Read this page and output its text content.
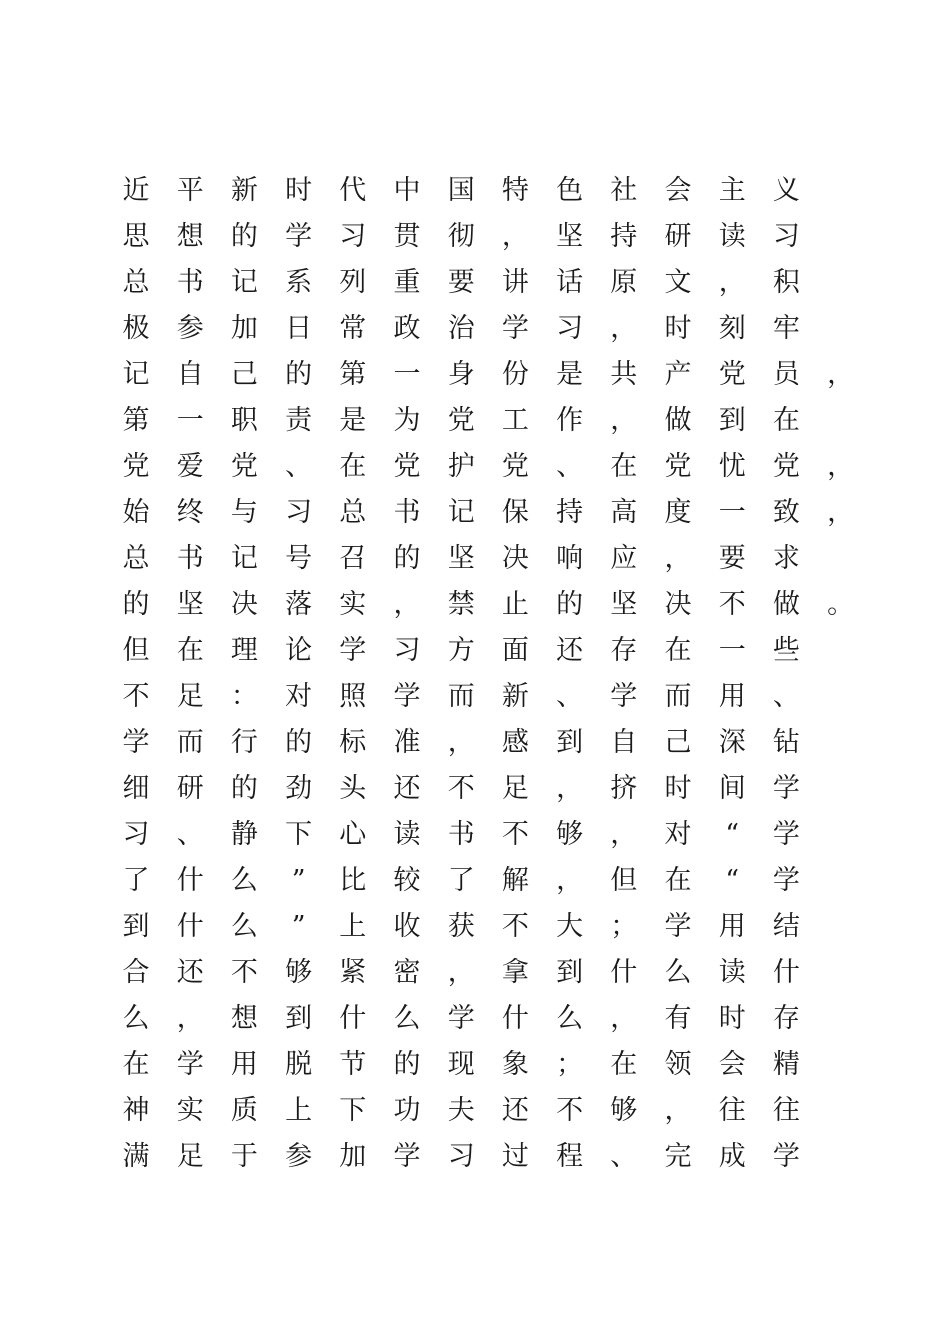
近 平 新 时 代 中 国 特 色 社 会 主 义
思 想 的 学 习 贯 彻 ， 坚 持 研 读 习
总 书 记 系 列 重 要 讲 话 原 文 ， 积
极 参 加 日 常 政 治 学 习 ， 时 刻 牢
记 自 己 的 第 一 身 份 是 共 产 党 员 ，
第 一 职 责 是 为 党 工 作 ， 做 到 在
党 爱 党 、 在 党 护 党 、 在 党 忧 党 ，
始 终 与 习 总 书 记 保 持 高 度 一 致 ，
总 书 记 号 召 的 坚 决 响 应 ， 要 求
的 坚 决 落 实 ， 禁 止 的 坚 决 不 做 。
但 在 理 论 学 习 方 面 还 存 在 一 些
不 足 ： 对 照 学 而 新 、 学 而 用 、
学 而 行 的 标 准 ， 感 到 自 己 深 钻
细 研 的 劲 头 还 不 足 ， 挤 时 间 学
习 、 静 下 心 读 书 不 够 ， 对	“	学
了 什 么	”	比 较 了 解 ， 但 在	“	学
到 什 么	”	上 收 获 不 大 ； 学 用 结
合 还 不 够 紧 密 ， 拿 到 什 么 读 什
么 ， 想 到 什 么 学 什 么 ， 有 时 存
在 学 用 脱 节 的 现 象 ； 在 领 会 精
神 实 质 上 下 功 夫 还 不 够 ， 往 往
满 足 于 参 加 学 习 过 程 、 完 成 学
